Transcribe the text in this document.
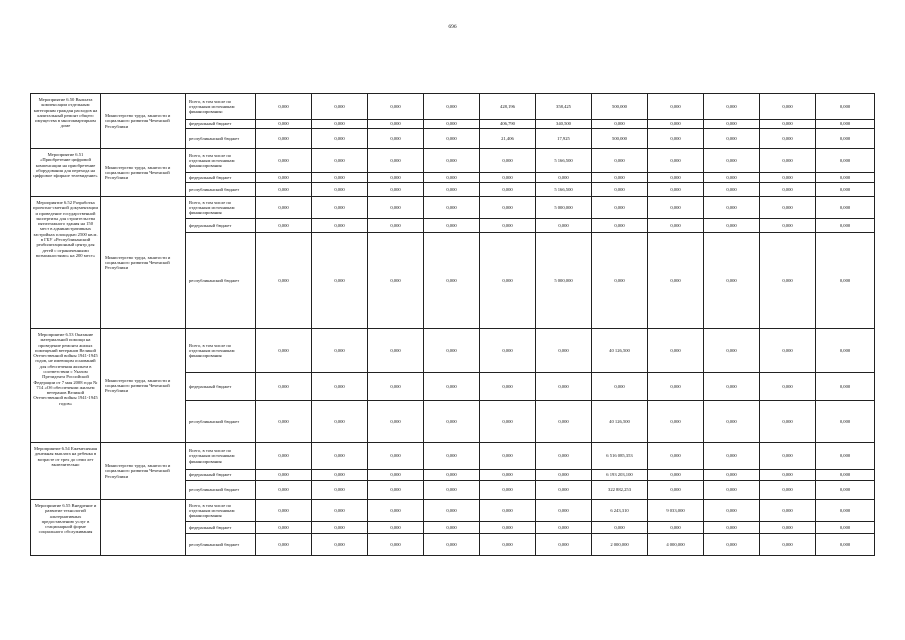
696
Мероприятие 6.50 Выплата компенсации отдельным категориям граждан расходов на капитальный ремонт общего имущества в многоквартирном доме	Министерство труда, занятости и социального развития Чеченской Республики	Всего, в том числе по отдельным источникам финансирования:	0,000	0,000	0,000	0,000	428,196	358,425	500,000	0,000	0,000	0,000	0,000
		федеральный бюджет	0,000	0,000	0,000	0,000	406,790	340,500	0,000	0,000	0,000	0,000	0,000
		республиканский бюджет	0,000	0,000	0,000	0,000	21,406	17,925	500,000	0,000	0,000	0,000	0,000
Мероприятие 6.51 «Приобретение цифровой компенсации на приобретение оборудования для перехода на цифровое эфирное телевидение»	Министерство труда, занятости и социального развития Чеченской Республики	Всего, в том числе по отдельным источникам финансирования	0,000	0,000	0,000	0,000	0,000	5 166,500	0,000	0,000	0,000	0,000	0,000
		федеральный бюджет	0,000	0,000	0,000	0,000	0,000	0,000	0,000	0,000	0,000	0,000	0,000
		республиканский бюджет	0,000	0,000	0,000	0,000	0,000	5 166,500	0,000	0,000	0,000	0,000	0,000
Мероприятие 6.52 Разработка проектно-сметной документации и проведение государственной экспертизы для строительства пятиэтажного здания на 150 мест в административных застройках площадью 2500 кв.м. в ГБУ «Республиканский реабилитационный центр для детей с ограниченными возможностями» на 200 мест»	Министерство труда, занятости и социального развития Чеченской Республики	Всего, в том числе по отдельным источникам финансирования	0,000	0,000	0,000	0,000	0,000	5 000,000	0,000	0,000	0,000	0,000	0,000
		федеральный бюджет	0,000	0,000	0,000	0,000	0,000	0,000	0,000	0,000	0,000	0,000	0,000
		республиканский бюджет	0,000	0,000	0,000	0,000	0,000	5 000,000	0,000	0,000	0,000	0,000	0,000
Мероприятие 6.53 Оказание материальной помощи на проведение ремонта жилых помещений ветеранов Великой Отечественной войны 1941-1945 годов, не имеющим оснований для обеспечения жильем в соответствии с Указом Президента Российской Федерации от 7 мая 2008 года № 714 «Об обеспечении жильем ветеранов Великой Отечественной войны 1941-1945 годов»	Министерство труда, занятости и социального развития Чеченской Республики	Всего, в том числе по отдельным источникам финансирования	0,000	0,000	0,000	0,000	0,000	0,000	40 126,500	0,000	0,000	0,000	0,000
		федеральный бюджет	0,000	0,000	0,000	0,000	0,000	0,000	0,000	0,000	0,000	0,000	0,000
		республиканский бюджет	0,000	0,000	0,000	0,000	0,000	0,000	40 126,500	0,000	0,000	0,000	0,000
Мероприятие 6.54 Ежемесячная денежная выплата на ребенка в возрасте от трех до семи лет включительно	Министерство труда, занятости и социального развития Чеченской Республики	Всего, в том числе по отдельным источникам финансирования	0,000	0,000	0,000	0,000	0,000	0,000	6 516 085,353	0,000	0,000	0,000	0,000
		федеральный бюджет	0,000	0,000	0,000	0,000	0,000	0,000	6 193 203,100	0,000	0,000	0,000	0,000
		республиканский бюджет	0,000	0,000	0,000	0,000	0,000	0,000	322 882,253	0,000	0,000	0,000	0,000
Мероприятие 6.55 Внедрение и развитие технологий альтернативных предоставлению услуг в стационарной форме социального обслуживания		Всего, в том числе по отдельным источникам финансирования	0,000	0,000	0,000	0,000	0,000	0,000	6 243,310	9 033,000	0,000	0,000	0,000
		федеральный бюджет	0,000	0,000	0,000	0,000	0,000	0,000	0,000	0,000	0,000	0,000	0,000
		республиканский бюджет	0,000	0,000	0,000	0,000	0,000	0,000	2 000,000	4 000,000	0,000	0,000	0,000
